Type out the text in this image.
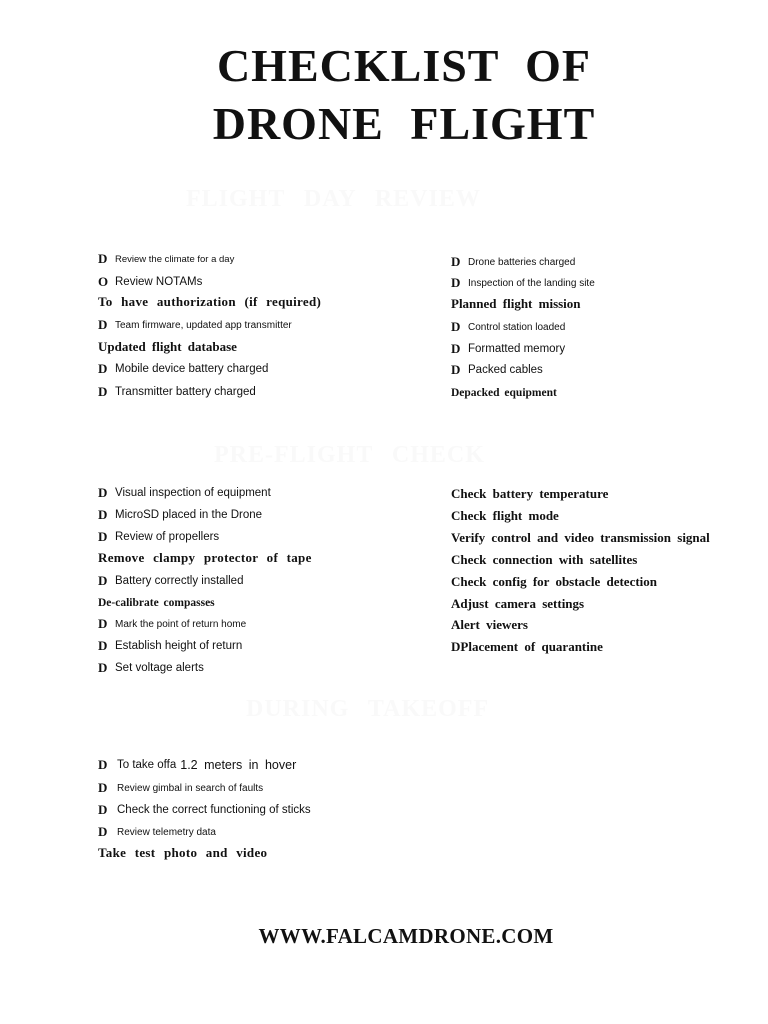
CHECKLIST OF
DRONE FLIGHT
FLIGHT DAY REVIEW
D Review the climate for a day
O Review NOTAMs
To have authorization (if required)
D Team firmware, updated app transmitter
Updated flight database
D Mobile device battery charged
D Transmitter battery charged
D Drone batteries charged
D Inspection of the landing site
Planned flight mission
D Control station loaded
D Formatted memory
D Packed cables
Depacked equipment
PRE-FLIGHT CHECK
D Visual inspection of equipment
D MicroSD placed in the Drone
D Review of propellers
Remove clampy protector of tape
D Battery correctly installed
De-calibrate compasses
D Mark the point of return home
D Establish height of return
D Set voltage alerts
Check battery temperature
Check flight mode
Verify control and video transmission signal
Check connection with satellites
Check config for obstacle detection
Adjust camera settings
Alert viewers
DPlacement of quarantine
DURING TAKEOFF
D To take offa 1.2 meters in hover
D Review gimbal in search of faults
D Check the correct functioning of sticks
D Review telemetry data
Take test photo and video
WWW.FALCAMDRONE.COM
